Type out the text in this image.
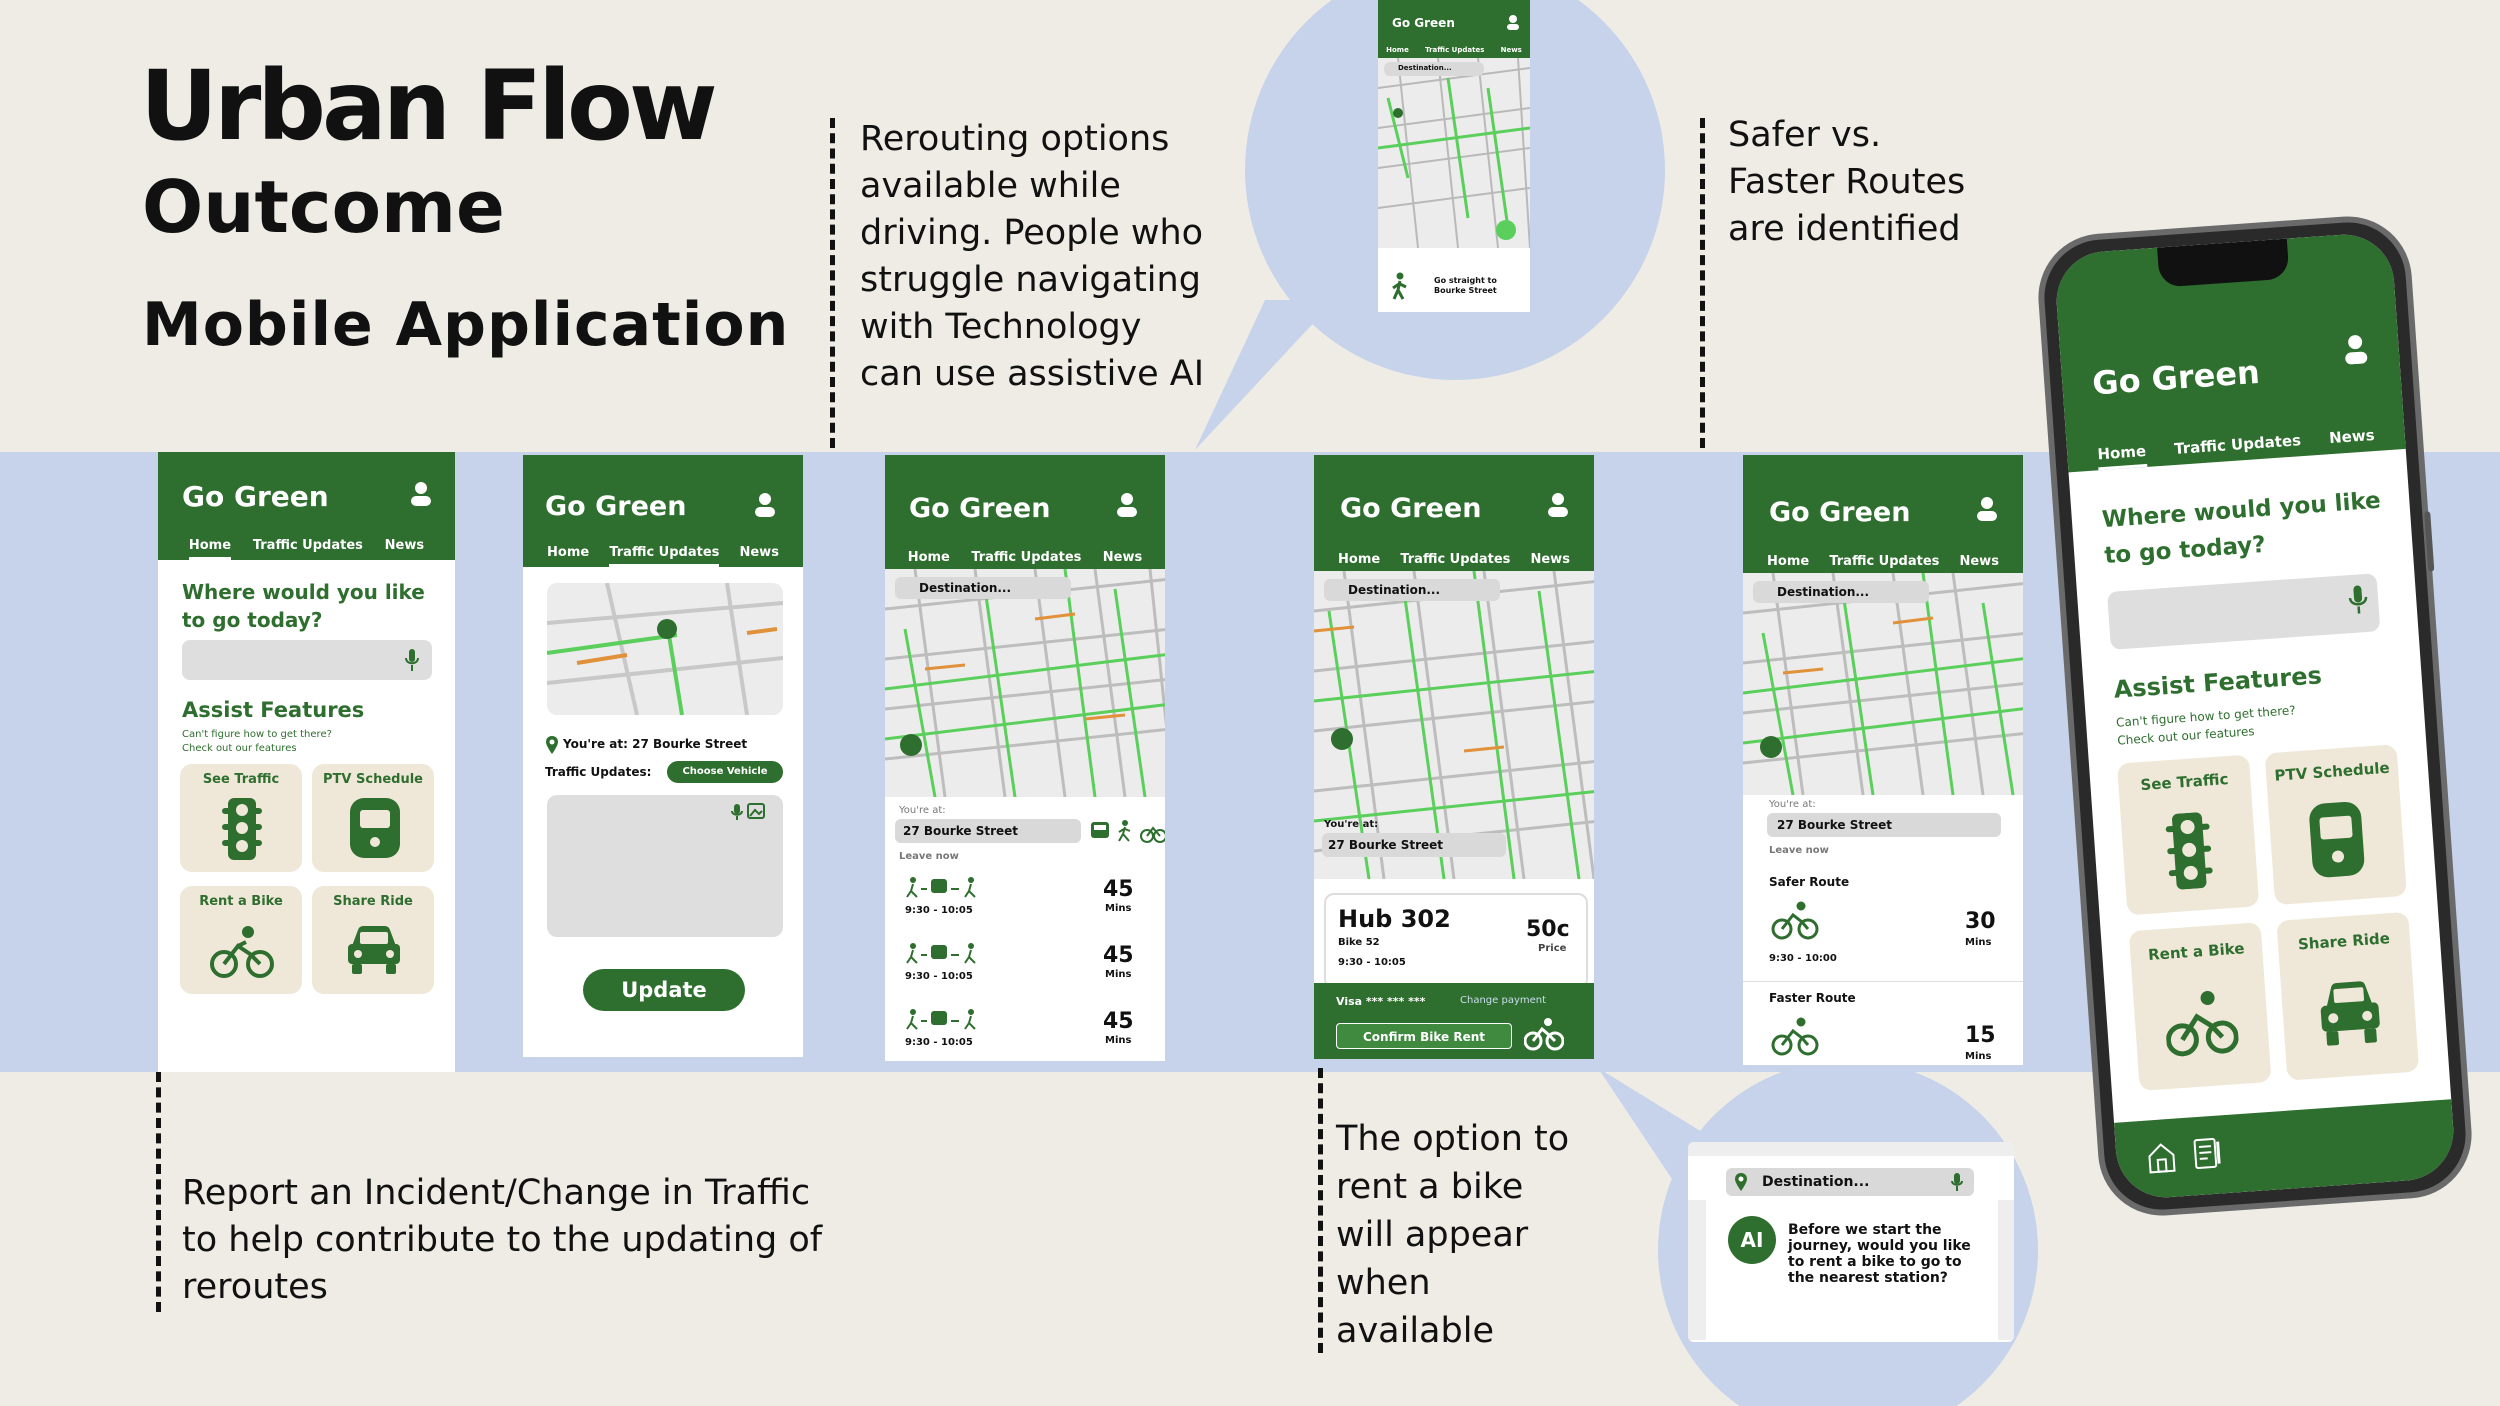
Urban Flow
Outcome
Mobile Application
Rerouting options
available while
driving. People who
struggle navigating
with Technology
can use assistive AI
Safer vs.
Faster Routes
are identified
Report an Incident/Change in Traffic
to help contribute to the updating of
reroutes
The option to
rent a bike
will appear
when
available
Go Green
Home Traffic Updates News
Destination...
Go straight to
Bourke Street
Destination...
AI	Before we start the
journey, would you like
to rent a bike to go to
the nearest station?
Go Green
Home Traffic Updates News
Where would you like
to go today?
Assist Features
Can't figure how to get there?
Check out our features
See Traffic	PTV Schedule
Rent a Bike	Share Ride
Go Green
Home Traffic Updates News
You're at: 27 Bourke Street
Traffic Updates:	Choose Vehicle
Update
Go Green
Home Traffic Updates News
Destination...
You're at:
27 Bourke Street
Leave now
9:30 - 10:05
45
Mins
9:30 - 10:05
45
Mins
9:30 - 10:05
45
Mins
Go Green
Home Traffic Updates News
Destination...
You're at:
27 Bourke Street
Hub 302
Bike 52
9:30 - 10:05
50c
Price
Visa *** *** ***	Change payment
Confirm Bike Rent
Go Green
Home Traffic Updates News
Destination...
You're at:
27 Bourke Street
Leave now
Safer Route
9:30 - 10:00
30
Mins
Faster Route
15
Mins
Go Green
Home Traffic Updates News
Where would you like
to go today?
Assist Features
Can't figure how to get there?
Check out our features
See Traffic	PTV Schedule
Rent a Bike	Share Ride
